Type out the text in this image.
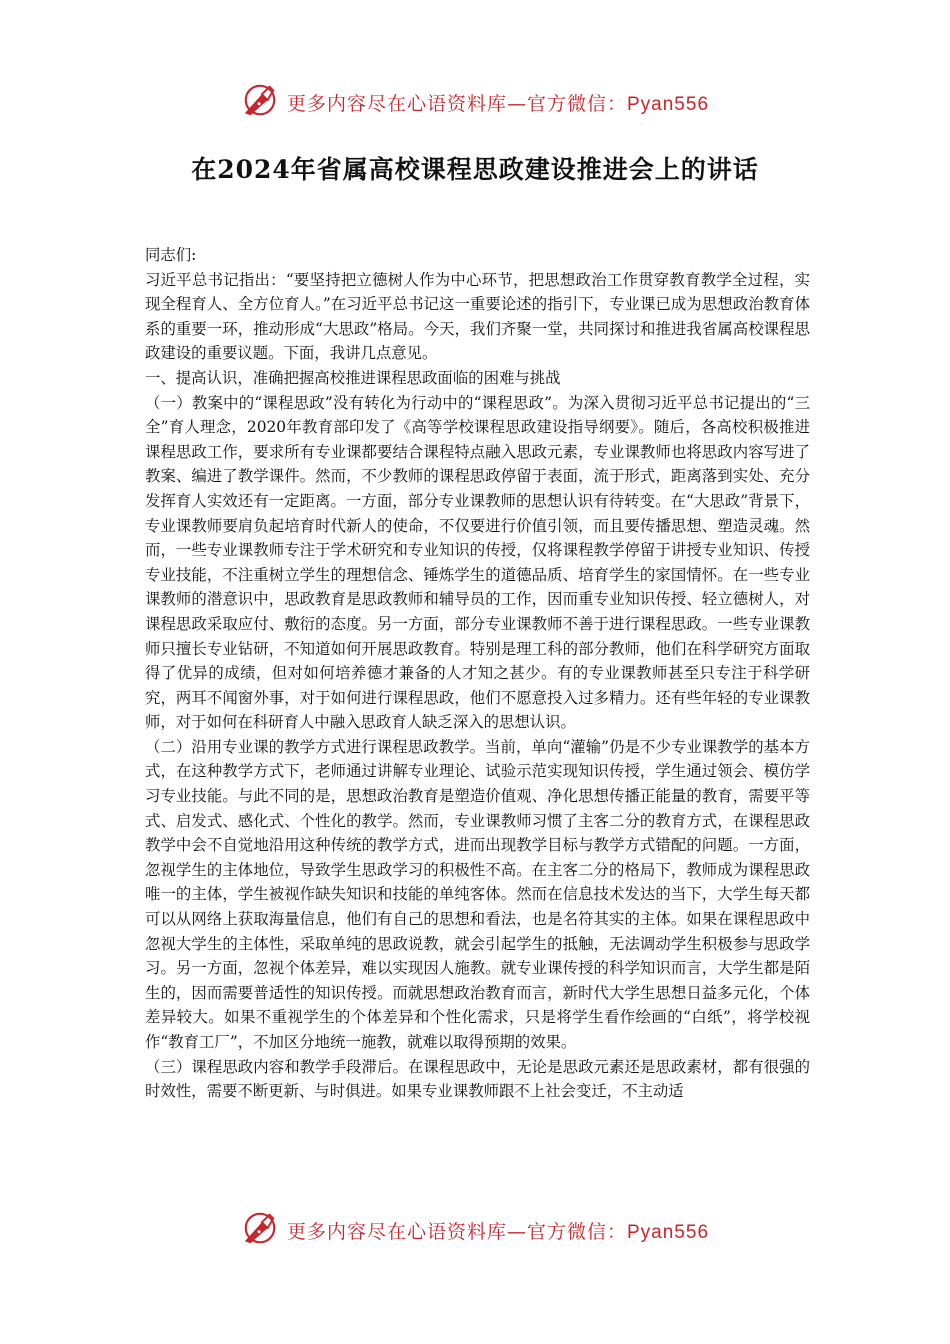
更多内容尽在心语资料库—官方微信：Pyan556
在2024年省属高校课程思政建设推进会上的讲话

同志们:

习近平总书记指出：“要坚持把立德树人作为中心环节，把思想政治工作贯穿教育教学全过程，实现全程育人、全方位育人。”在习近平总书记这一重要论述的指引下，专业课已成为思想政治教育体系的重要一环，推动形成“大思政”格局。今天，我们齐聚一堂，共同探讨和推进我省属高校课程思政建设的重要议题。下面，我讲几点意见。

一、提高认识，准确把握高校推进课程思政面临的困难与挑战

（一）教案中的“课程思政”没有转化为行动中的“课程思政”。为深入贯彻习近平总书记提出的“三全”育人理念，2020年教育部印发了《高等学校课程思政建设指导纲要》。随后，各高校积极推进课程思政工作，要求所有专业课都要结合课程特点融入思政元素，专业课教师也将思政内容写进了教案、编进了教学课件。然而，不少教师的课程思政停留于表面，流于形式，距离落到实处、充分发挥育人实效还有一定距离。一方面，部分专业课教师的思想认识有待转变。在“大思政”背景下，专业课教师要肩负起培育时代新人的使命，不仅要进行价值引领，而且要传播思想、塑造灵魂。然而，一些专业课教师专注于学术研究和专业知识的传授，仅将课程教学停留于讲授专业知识、传授专业技能，不注重树立学生的理想信念、锤炼学生的道德品质、培育学生的家国情怀。在一些专业课教师的潜意识中，思政教育是思政教师和辅导员的工作，因而重专业知识传授、轻立德树人，对课程思政采取应付、敷衍的态度。另一方面，部分专业课教师不善于进行课程思政。一些专业课教师只擅长专业钻研，不知道如何开展思政教育。特别是理工科的部分教师，他们在科学研究方面取得了优异的成绩，但对如何培养德才兼备的人才知之甚少。有的专业课教师甚至只专注于科学研究，两耳不闻窗外事，对于如何进行课程思政，他们不愿意投入过多精力。还有些年轻的专业课教师，对于如何在科研育人中融入思政育人缺乏深入的思想认识。

（二）沿用专业课的教学方式进行课程思政教学。当前，单向“灌输”仍是不少专业课教学的基本方式，在这种教学方式下，老师通过讲解专业理论、试验示范实现知识传授，学生通过领会、模仿学习专业技能。与此不同的是，思想政治教育是塑造价值观、净化思想传播正能量的教育，需要平等式、启发式、感化式、个性化的教学。然而，专业课教师习惯了主客二分的教育方式，在课程思政教学中会不自觉地沿用这种传统的教学方式，进而出现教学目标与教学方式错配的问题。一方面，忽视学生的主体地位，导致学生思政学习的积极性不高。在主客二分的格局下，教师成为课程思政唯一的主体，学生被视作缺失知识和技能的单纯客体。然而在信息技术发达的当下，大学生每天都可以从网络上获取海量信息，他们有自己的思想和看法，也是名符其实的主体。如果在课程思政中忽视大学生的主体性，采取单纯的思政说教，就会引起学生的抵触，无法调动学生积极参与思政学习。另一方面，忽视个体差异，难以实现因人施教。就专业课传授的科学知识而言，大学生都是陌生的，因而需要普适性的知识传授。而就思想政治教育而言，新时代大学生思想日益多元化，个体差异较大。如果不重视学生的个体差异和个性化需求，只是将学生看作绘画的“白纸”，将学校视作“教育工厂”，不加区分地统一施教，就难以取得预期的效果。

（三）课程思政内容和教学手段滞后。在课程思政中，无论是思政元素还是思政素材，都有很强的时效性，需要不断更新、与时俱进。如果专业课教师跟不上社会变迁，不主动适

更多内容尽在心语资料库—官方微信：Pyan556
